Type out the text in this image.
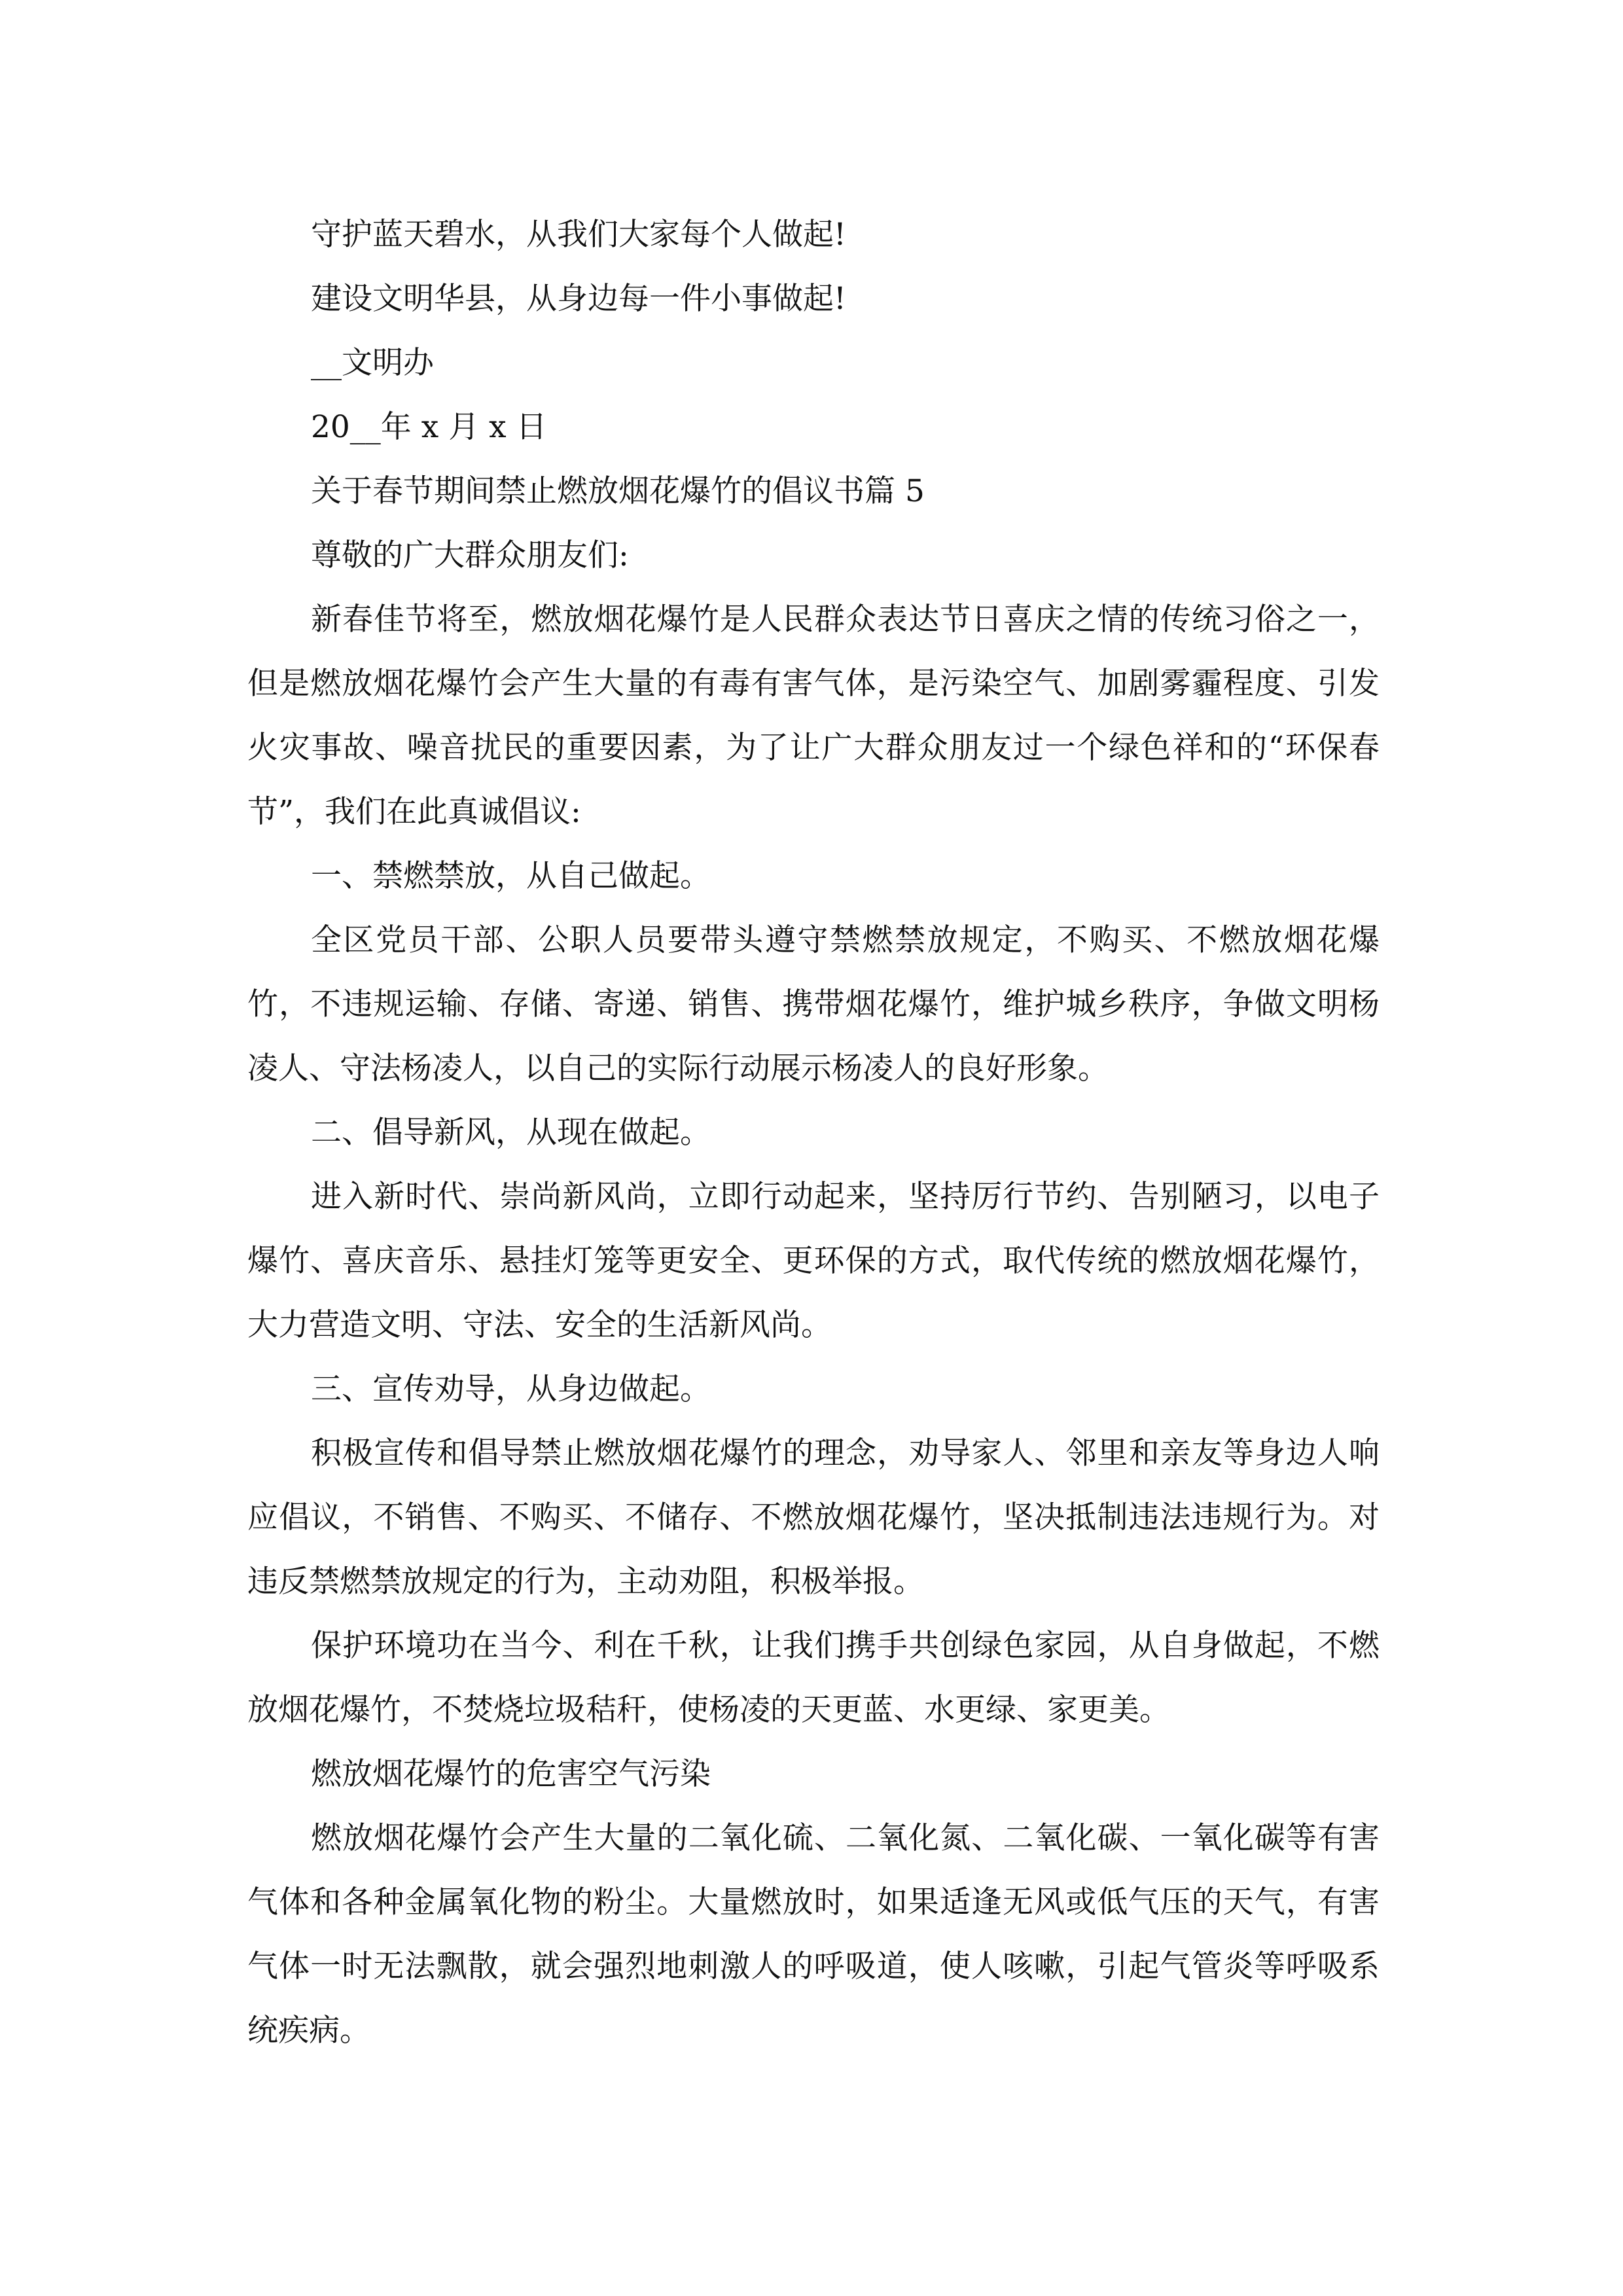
守护蓝天碧水，从我们大家每个人做起!

建设文明华县，从身边每一件小事做起!

__文明办

20__年 x 月 x 日

关于春节期间禁止燃放烟花爆竹的倡议书篇 5

尊敬的广大群众朋友们:

新春佳节将至，燃放烟花爆竹是人民群众表达节日喜庆之情的传统习俗之一，但是燃放烟花爆竹会产生大量的有毒有害气体，是污染空气、加剧雾霾程度、引发火灾事故、噪音扰民的重要因素，为了让广大群众朋友过一个绿色祥和的“环保春节”，我们在此真诚倡议:

一、禁燃禁放，从自己做起。

全区党员干部、公职人员要带头遵守禁燃禁放规定，不购买、不燃放烟花爆竹，不违规运输、存储、寄递、销售、携带烟花爆竹，维护城乡秩序，争做文明杨凌人、守法杨凌人，以自己的实际行动展示杨凌人的良好形象。

二、倡导新风，从现在做起。

进入新时代、崇尚新风尚，立即行动起来，坚持厉行节约、告别陋习，以电子爆竹、喜庆音乐、悬挂灯笼等更安全、更环保的方式，取代传统的燃放烟花爆竹，大力营造文明、守法、安全的生活新风尚。

三、宣传劝导，从身边做起。

积极宣传和倡导禁止燃放烟花爆竹的理念，劝导家人、邻里和亲友等身边人响应倡议，不销售、不购买、不储存、不燃放烟花爆竹，坚决抵制违法违规行为。对违反禁燃禁放规定的行为，主动劝阻，积极举报。

保护环境功在当今、利在千秋，让我们携手共创绿色家园，从自身做起，不燃放烟花爆竹，不焚烧垃圾秸秆，使杨凌的天更蓝、水更绿、家更美。

燃放烟花爆竹的危害空气污染

燃放烟花爆竹会产生大量的二氧化硫、二氧化氮、二氧化碳、一氧化碳等有害气体和各种金属氧化物的粉尘。大量燃放时，如果适逢无风或低气压的天气，有害气体一时无法飘散，就会强烈地刺激人的呼吸道，使人咳嗽，引起气管炎等呼吸系统疾病。
